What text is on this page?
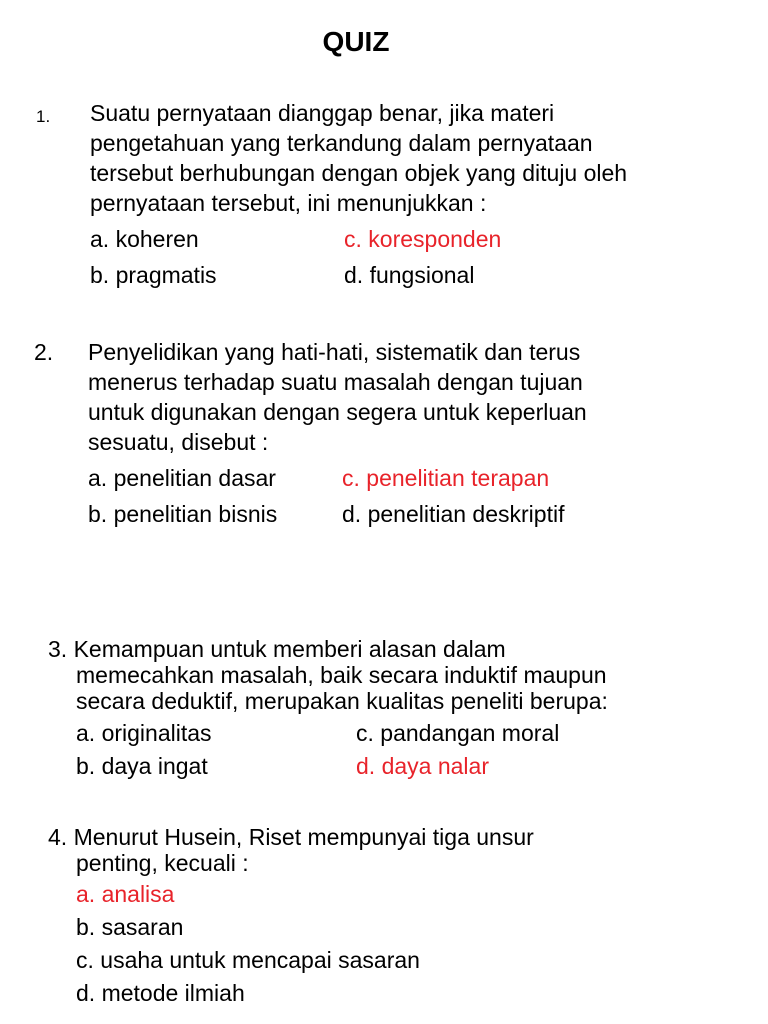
QUIZ
1. Suatu pernyataan dianggap benar, jika materi
pengetahuan yang terkandung dalam pernyataan
tersebut berhubungan dengan objek yang dituju oleh
pernyataan tersebut, ini menunjukkan :
a. koheren	c. koresponden
b. pragmatis	d. fungsional
2. Penyelidikan yang hati-hati, sistematik dan terus
menerus terhadap suatu masalah dengan tujuan
untuk digunakan dengan segera untuk keperluan
sesuatu, disebut :
a. penelitian dasar	c. penelitian terapan
b. penelitian bisnis	d. penelitian deskriptif
3. Kemampuan untuk memberi alasan dalam
memecahkan masalah, baik secara induktif maupun
secara deduktif, merupakan kualitas peneliti berupa:
a. originalitas	c. pandangan moral
b. daya ingat	d. daya nalar
4. Menurut Husein, Riset mempunyai tiga unsur
penting, kecuali :
a. analisa
b. sasaran
c. usaha untuk mencapai sasaran
d. metode ilmiah
